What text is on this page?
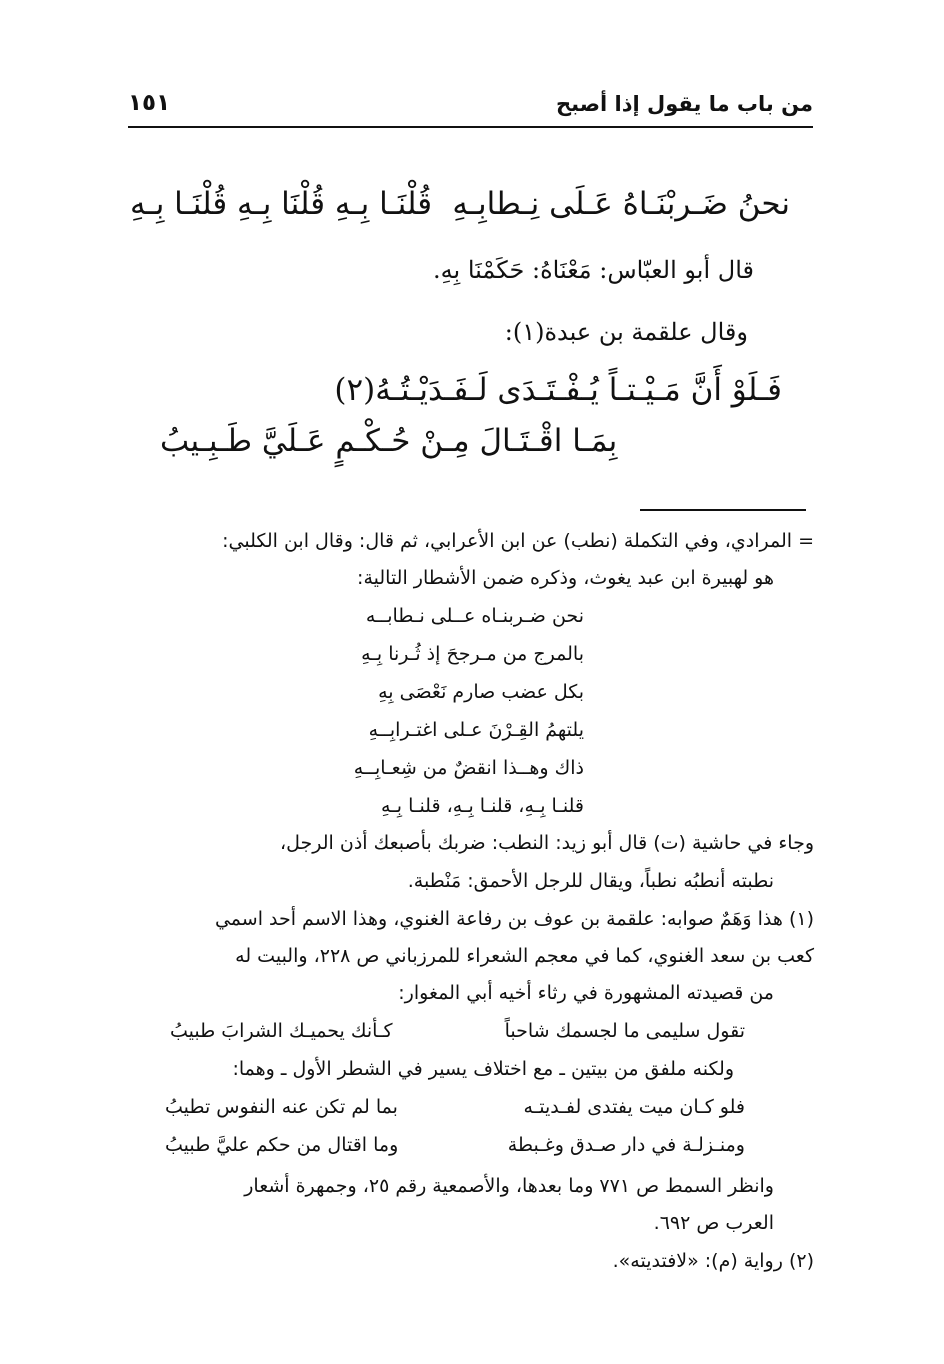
من باب ما يقول إذا أصبح
١٥١
نحنُ ضَـربْنَـاهُ عَـلَى نِـطابِـهِ
قُلْنَـا بِـهِ قُلْنَا بِـهِ قُلْنَـا بِـهِ
قال أبو العبّاس: مَعْنَاهُ: حَكَمْنَا بِهِ.
وقال علقمة بن عبدة(١):
فَـلَوْ أَنَّ مَـيْـتـاً يُـفْـتَـدَى لَـفَـدَيْـتُـهُ(٢)
بِمَـا اقْـتَـالَ مِـنْ حُـكْـمٍ عَـلَيَّ طَـبِـيبُ
= المرادي، وفي التكملة (نطب) عن ابن الأعرابي، ثم قال: وقال ابن الكلبي:
هو لهبيرة ابن عبد يغوث، وذكره ضمن الأشطار التالية:
نحن ضـربنـاه عــلى نـطابــه
بالمرج من مـرجحَ إذ ثُـرنا بِـهِ
بكل عضب صارم نَعْصَى بِهِ
يلتهمُ القِـرْنَ عـلى اغتـرابِــهِ
ذاك وهــذا انقضٌ من شِعـابِــهِ
قلنـا بِـهِ، قلنـا بِـهِ، قلنـا بِـهِ
وجاء في حاشية (ت) قال أبو زيد: النطب: ضربك بأصبعك أذن الرجل،
نطبته أنطبُه نطباً، ويقال للرجل الأحمق: مَنْطبة.
(١) هذا وَهَمٌ صوابه: علقمة بن عوف بن رفاعة الغنوي، وهذا الاسم أحد اسمي
كعب بن سعد الغنوي، كما في معجم الشعراء للمرزباني ص ٢٢٨، والبيت له
من قصيدته المشهورة في رثاء أخيه أبي المغوار:
تقول سليمى ما لجسمك شاحباً
كـأنك يحميـك الشرابَ طبيبُ
ولكنه ملفق من بيتين ـ مع اختلاف يسير في الشطر الأول ـ وهما:
فلو كـان ميت يفتدى لفـديتـه
بما لم تكن عنه النفوس تطيبُ
ومنـزلـة في دار صـدق وغـبطة
وما اقتال من حكم عليَّ طبيبُ
وانظر السمط ص ٧٧١ وما بعدها، والأصمعية رقم ٢٥، وجمهرة أشعار
العرب ص ٦٩٢.
(٢) رواية (م): «لافتديته».
